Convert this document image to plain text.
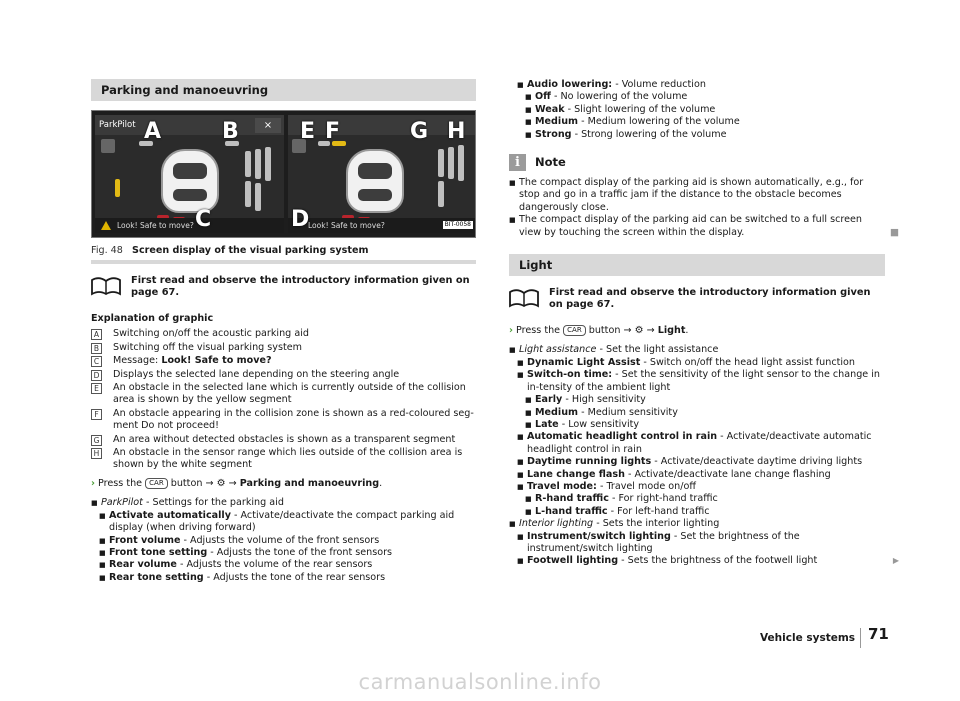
Parking and manoeuvring
ParkPilot	×
Look! Safe to move?	Look! Safe to move?	BIT-0058
A	B
C	D
E F	G H
Fig. 48 Screen display of the visual parking system
First read and observe the introductory information given on page 67.
Explanation of graphic
A	Switching on/off the acoustic parking aid
B	Switching off the visual parking system
C Message: Look! Safe to move?
D Displays the selected lane depending on the steering angle
E	An obstacle in the selected lane which is currently outside of the collision area is shown by the yellow segment
F	An obstacle appearing in the collision zone is shown as a red-coloured seg-ment Do not proceed!
G An area without detected obstacles is shown as a transparent segment
H An obstacle in the sensor range which lies outside of the collision area is shown by the white segment
› Press the CAR button → ⚙ → Parking and manoeuvring.
■ ParkPilot - Settings for the parking aid
■ Activate automatically - Activate/deactivate the compact parking aid display (when driving forward)
■ Front volume - Adjusts the volume of the front sensors
■ Front tone setting - Adjusts the tone of the front sensors
■ Rear volume - Adjusts the volume of the rear sensors
■ Rear tone setting - Adjusts the tone of the rear sensors
■ Audio lowering: - Volume reduction
■ Off - No lowering of the volume
■ Weak - Slight lowering of the volume
■ Medium - Medium lowering of the volume
■ Strong - Strong lowering of the volume
i	Note
■ The compact display of the parking aid is shown automatically, e.g., for stop and go in a traffic jam if the distance to the obstacle becomes dangerously close.
■ The compact display of the parking aid can be switched to a full screen view by touching the screen within the display.	■
Light
First read and observe the introductory information given on page 67.
› Press the CAR button → ⚙ → Light.
■ Light assistance - Set the light assistance
■ Dynamic Light Assist - Switch on/off the head light assist function
■ Switch-on time: - Set the sensitivity of the light sensor to the change in in-tensity of the ambient light
■ Early - High sensitivity
■ Medium - Medium sensitivity
■ Late - Low sensitivity
■ Automatic headlight control in rain - Activate/deactivate automatic headlight control in rain
■ Daytime running lights - Activate/deactivate daytime driving lights
■ Lane change flash - Activate/deactivate lane change flashing
■ Travel mode: - Travel mode on/off
■ R-hand traffic - For right-hand traffic
■ L-hand traffic - For left-hand traffic
■ Interior lighting - Sets the interior lighting
■ Instrument/switch lighting - Set the brightness of the instrument/switch lighting
■ Footwell lighting - Sets the brightness of the footwell light	▶
Vehicle systems 71
carmanualsonline.info
